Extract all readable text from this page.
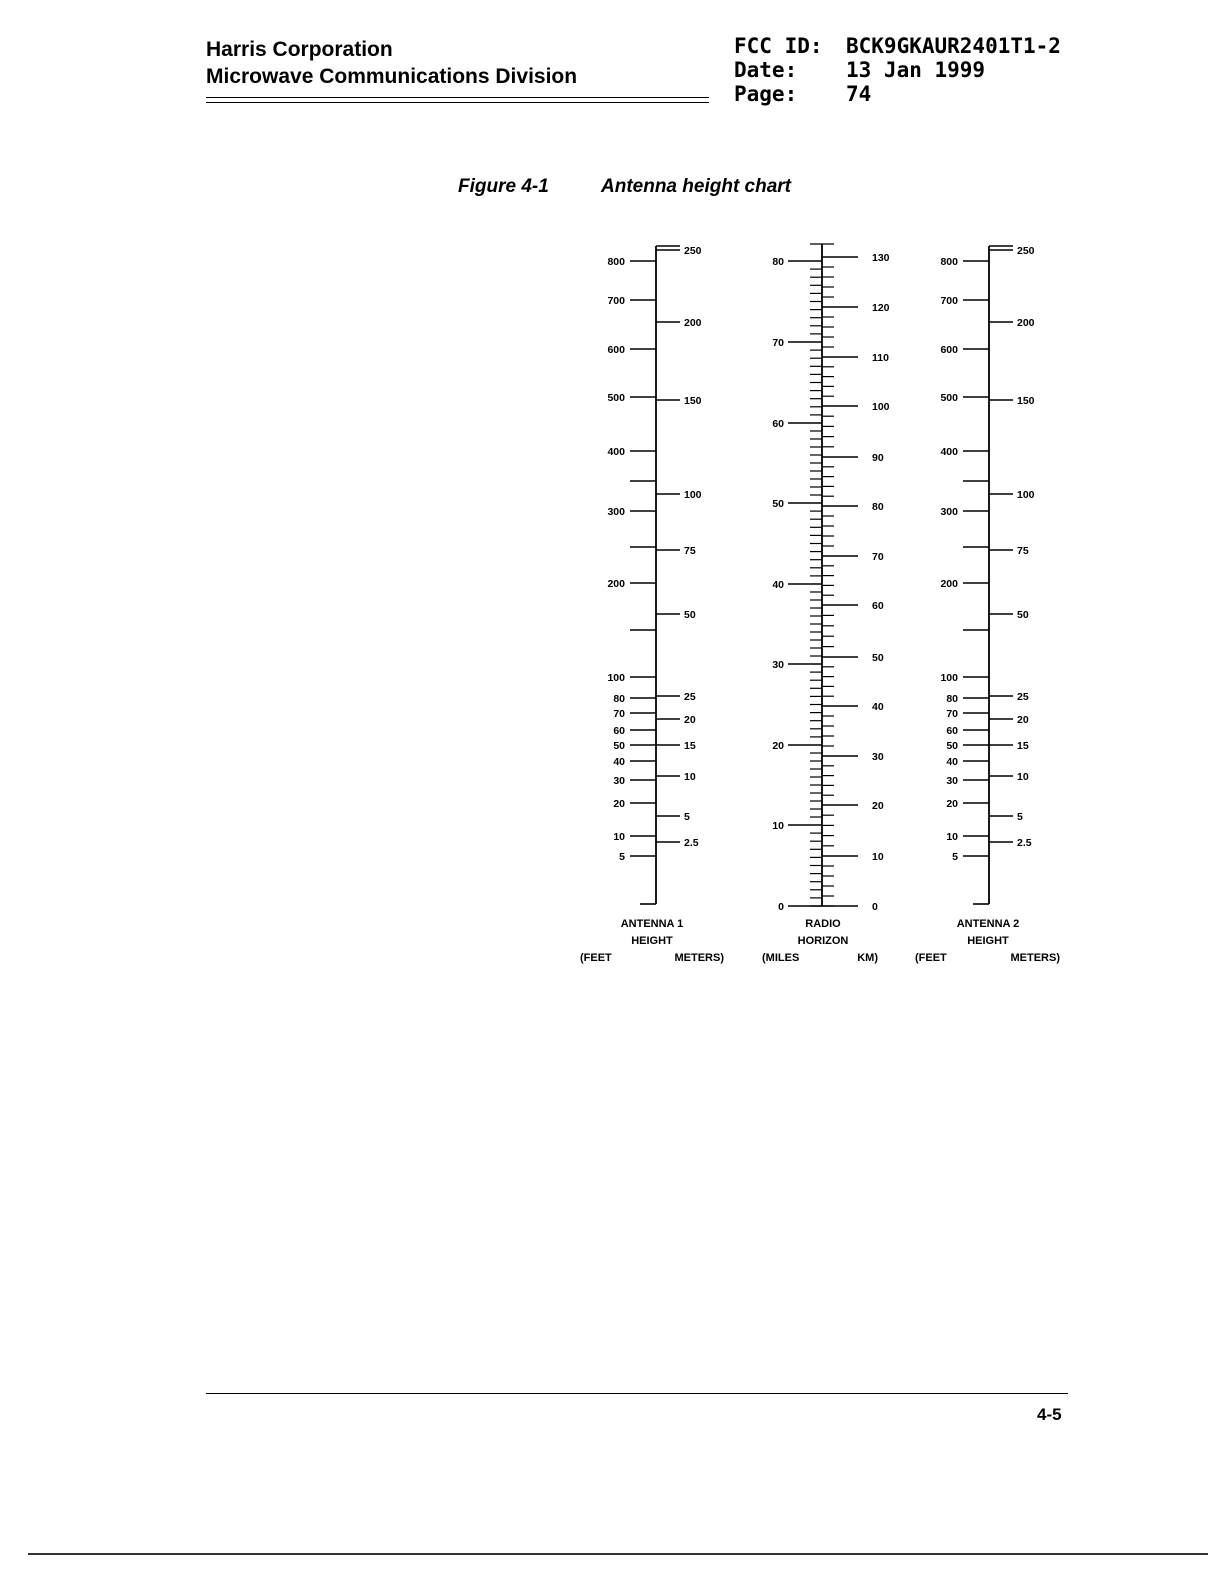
Harris Corporation
Microwave Communications Division
FCC ID:	BCK9GKAUR2401T1-2
Date:	13 Jan 1999
Page:	74
Figure 4-1	Antenna height chart
800
700
600
500
400
300
200
100
80
70
60
50
40
30
20
10
5
250
200
150
100
75
50
25
20
15
10
5
2.5
ANTENNA 1
HEIGHT
(FEET	METERS)
80
70
60
50
40
30
20
10
0
130
120
110
100
90
80
70
60
50
40
30
20
10
0
RADIO
HORIZON
(MILES	KM)
800
700
600
500
400
300
200
100
80
70
60
50
40
30
20
10
5
250
200
150
100
75
50
25
20
15
10
5
2.5
ANTENNA 2
HEIGHT
(FEET	METERS)
4-5
